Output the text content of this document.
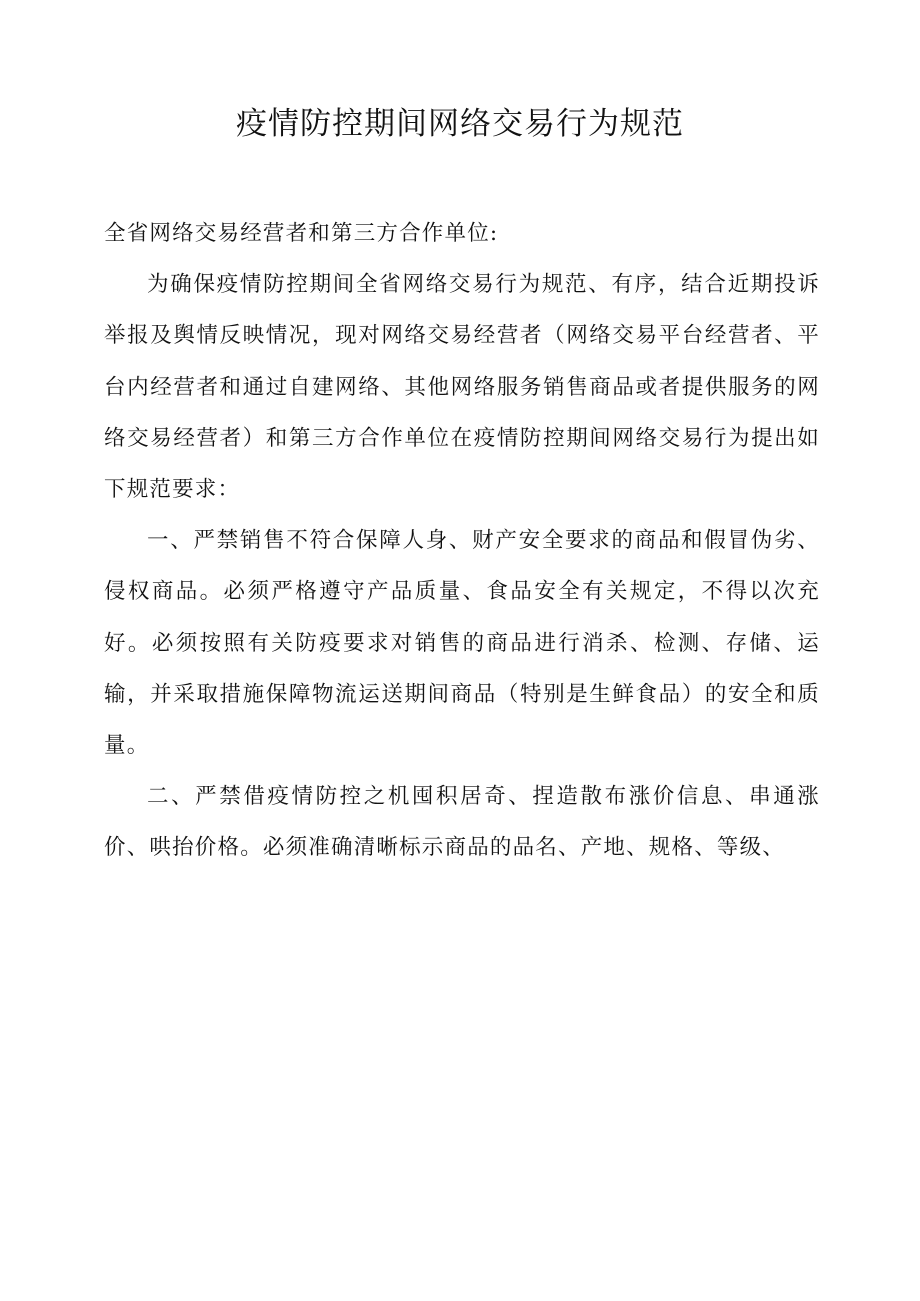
疫情防控期间网络交易行为规范

全省网络交易经营者和第三方合作单位:

为确保疫情防控期间全省网络交易行为规范、有序，结合近期投诉举报及舆情反映情况，现对网络交易经营者（网络交易平台经营者、平台内经营者和通过自建网络、其他网络服务销售商品或者提供服务的网络交易经营者）和第三方合作单位在疫情防控期间网络交易行为提出如下规范要求：

一、严禁销售不符合保障人身、财产安全要求的商品和假冒伪劣、侵权商品。必须严格遵守产品质量、食品安全有关规定，不得以次充好。必须按照有关防疫要求对销售的商品进行消杀、检测、存储、运输，并采取措施保障物流运送期间商品（特别是生鲜食品）的安全和质量。

二、严禁借疫情防控之机囤积居奇、捏造散布涨价信息、串通涨价、哄抬价格。必须准确清晰标示商品的品名、产地、规格、等级、
